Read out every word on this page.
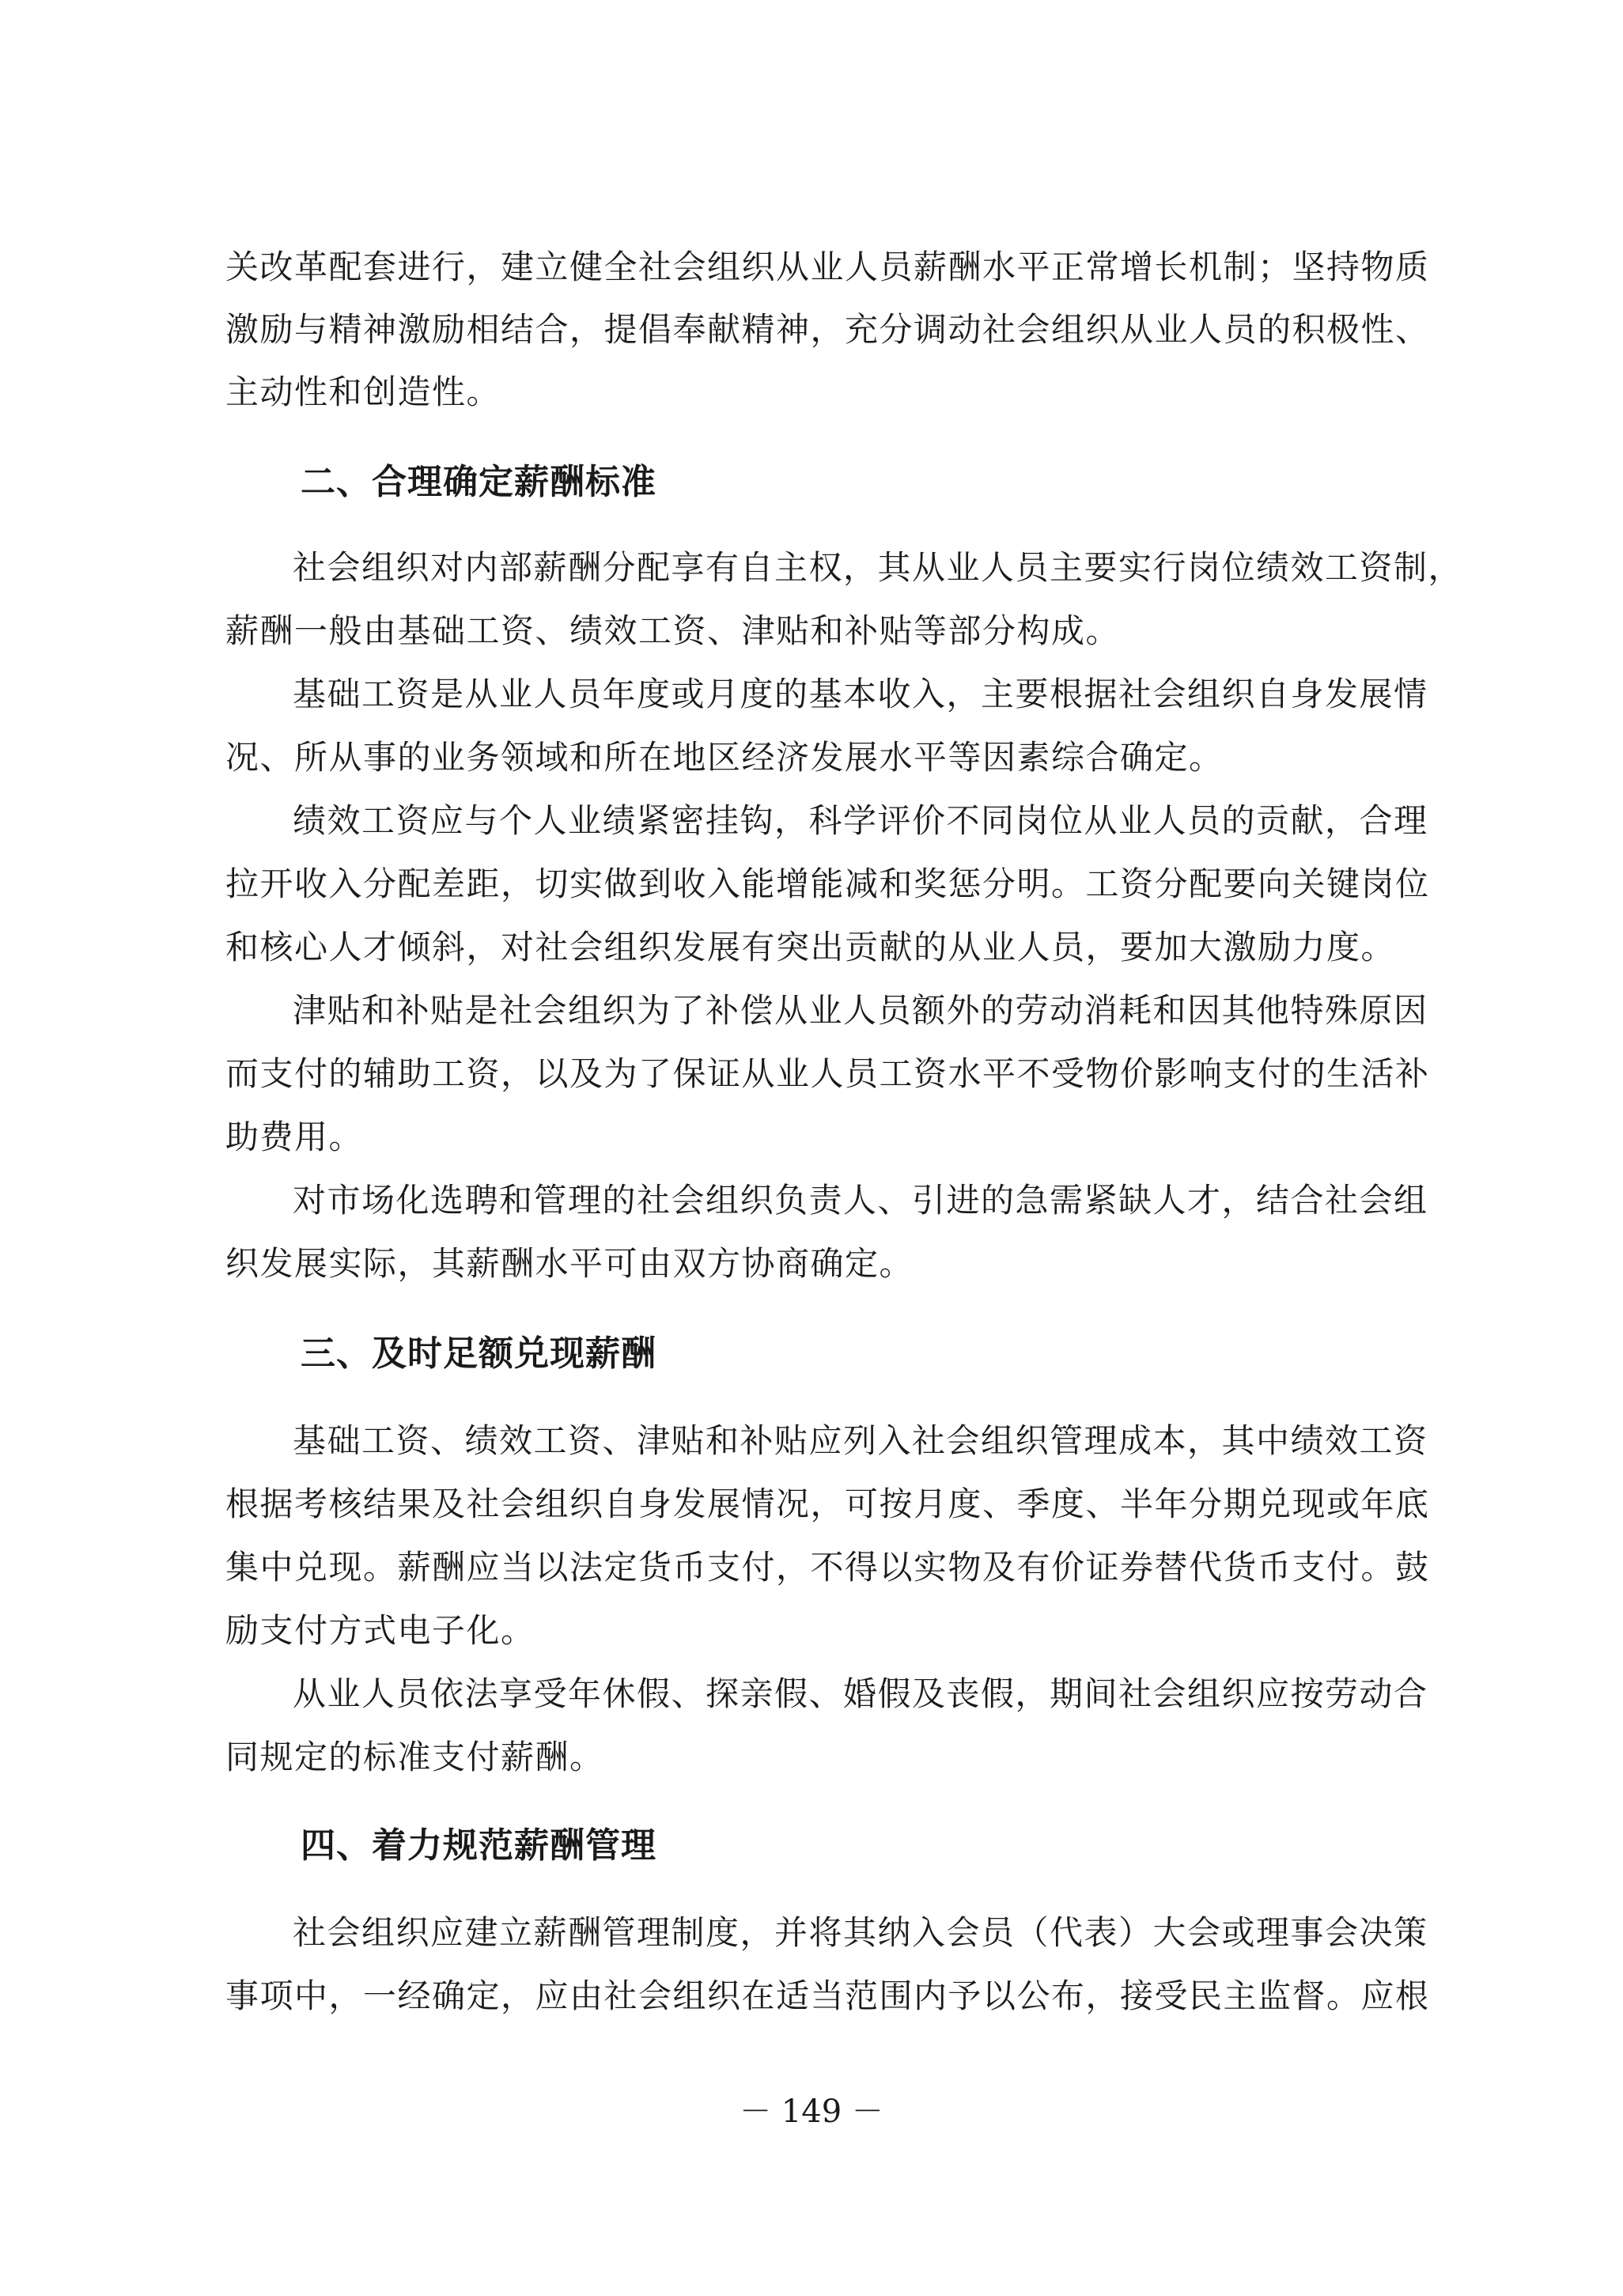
关改革配套进行，建立健全社会组织从业人员薪酬水平正常增长机制；坚持物质

激励与精神激励相结合，提倡奉献精神，充分调动社会组织从业人员的积极性、

主动性和创造性。

二、合理确定薪酬标准

社会组织对内部薪酬分配享有自主权，其从业人员主要实行岗位绩效工资制，

薪酬一般由基础工资、绩效工资、津贴和补贴等部分构成。

基础工资是从业人员年度或月度的基本收入，主要根据社会组织自身发展情

况、所从事的业务领域和所在地区经济发展水平等因素综合确定。

绩效工资应与个人业绩紧密挂钩，科学评价不同岗位从业人员的贡献，合理

拉开收入分配差距，切实做到收入能增能减和奖惩分明。工资分配要向关键岗位

和核心人才倾斜，对社会组织发展有突出贡献的从业人员，要加大激励力度。

津贴和补贴是社会组织为了补偿从业人员额外的劳动消耗和因其他特殊原因

而支付的辅助工资，以及为了保证从业人员工资水平不受物价影响支付的生活补

助费用。

对市场化选聘和管理的社会组织负责人、引进的急需紧缺人才，结合社会组

织发展实际，其薪酬水平可由双方协商确定。

三、及时足额兑现薪酬

基础工资、绩效工资、津贴和补贴应列入社会组织管理成本，其中绩效工资

根据考核结果及社会组织自身发展情况，可按月度、季度、半年分期兑现或年底

集中兑现。薪酬应当以法定货币支付，不得以实物及有价证券替代货币支付。鼓

励支付方式电子化。

从业人员依法享受年休假、探亲假、婚假及丧假，期间社会组织应按劳动合

同规定的标准支付薪酬。

四、着力规范薪酬管理

社会组织应建立薪酬管理制度，并将其纳入会员（代表）大会或理事会决策

事项中，一经确定，应由社会组织在适当范围内予以公布，接受民主监督。应根

－ 149 －
